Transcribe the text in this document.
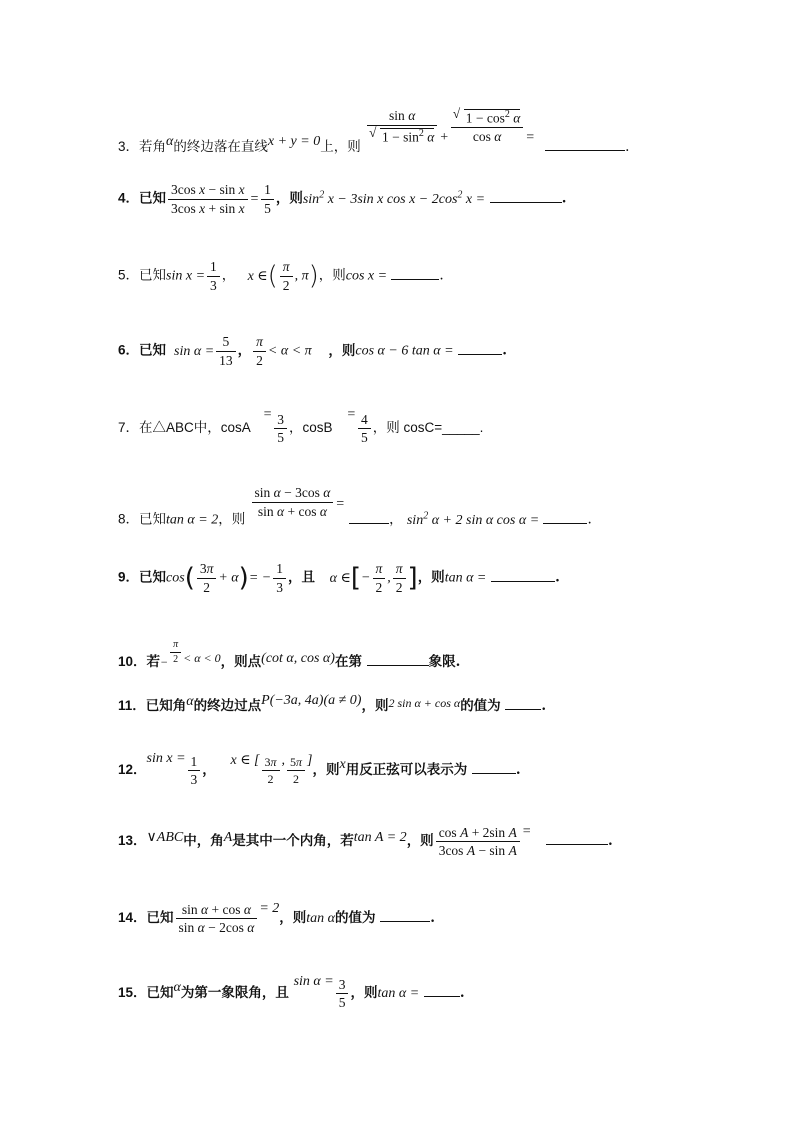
3．若角α的终边落在直线x + y = 0上，则
sin α
√ $1 - \sin^2 \alpha$ +
√ $\frac{1 - \cos^2 \alpha}{\text{cos α}}$ = .
4．已知 $\frac{\text{3cos x − sin x}}{\text{3cos x + sin x}} = \frac{1}{5}$ ，则$\sin^2 x - 3\sin$ x $\cos x - 2\cos^2$ x =	.
5．已知$\sin x = \frac{1}{3}$ ， x ∈( $\frac{\pi}{2}$ , π)，则cos x =	.
6．已知 $\sin \alpha = \frac{5}{13}$ ， $\frac{\pi}{2} < \alpha < \pi$ ，则cos α − 6 tan α =	.
7．在△ABC中，$\cos A= \frac{3}{5}$ ，$\cos B= \frac{4}{5}$ ，则 cosC=_____.
8．已知tan α = 2，则
$\frac{\text{sin α − 3cos α}}{\text{sin α + cos α}}$ = ， $\sin^2 \alpha + 2$ sin α cos α =	.
9．已知$\cos( \frac{3\pi}{2} + \alpha)= - \frac{1}{3}$ ，且 α ∈[− $\frac{\pi}{2}$ , $\frac{\pi}{2}$ ]，则tan α =	.
10．若− $\frac{\pi}{2} < \alpha < 0$，则点(cot α, cos α)在第	象限.
11．已知角α的终边过点P(−3a, 4a)(a ≠ 0)，则2 sin α + cos α的值为	.
12．$\sin x = \frac{1}{3}$ ， x ∈ [ $\frac{3\pi}{2}$ , $\frac{5\pi}{2}$ ]，则x用反正弦可以表示为	.
13．∨ABC中，角A是其中一个内角，若tan A = 2，则 $\frac{\text{cos A + 2sin A}}{\text{3cos A − sin A}}$ = .
14．已知 $\frac{\text{sin α + cos α}}{\text{sin α − 2cos α}} = 2$，则tan α的值为	.
15．已知α为第一象限角，且 $\sin \alpha = \frac{3}{5}$ ，则tan α =	.
